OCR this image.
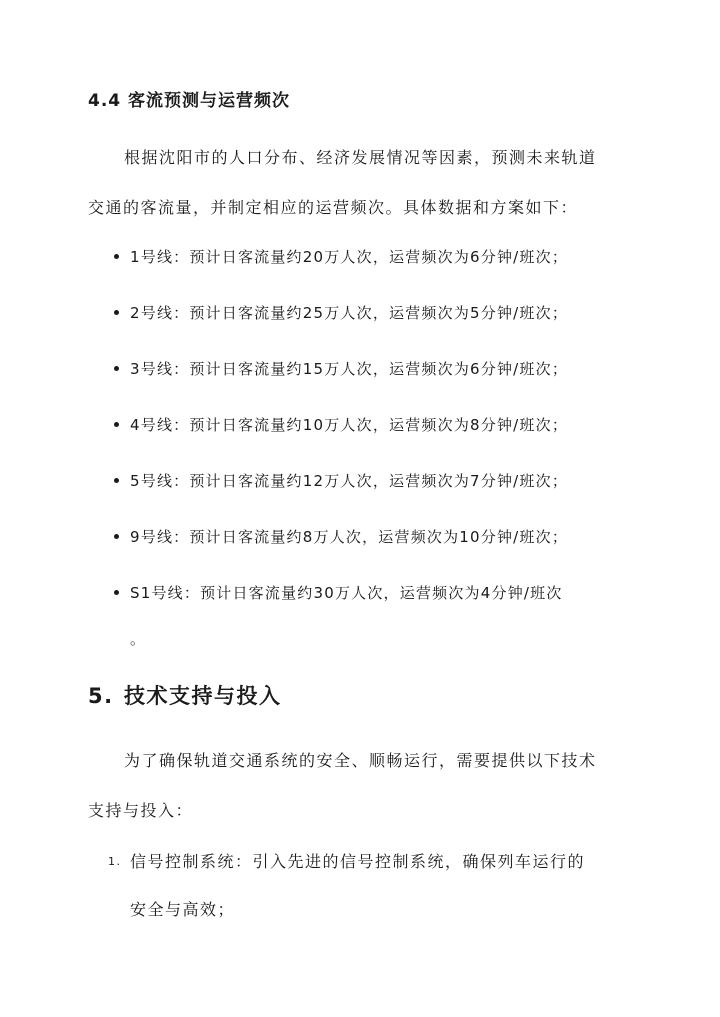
4.4 客流预测与运营频次
根据沈阳市的人口分布、经济发展情况等因素，预测未来轨道
交通的客流量，并制定相应的运营频次。具体数据和方案如下：
1号线：预计日客流量约20万人次，运营频次为6分钟/班次；
2号线：预计日客流量约25万人次，运营频次为5分钟/班次；
3号线：预计日客流量约15万人次，运营频次为6分钟/班次；
4号线：预计日客流量约10万人次，运营频次为8分钟/班次；
5号线：预计日客流量约12万人次，运营频次为7分钟/班次；
9号线：预计日客流量约8万人次，运营频次为10分钟/班次；
S1号线：预计日客流量约30万人次，运营频次为4分钟/班次
。
5. 技术支持与投入
为了确保轨道交通系统的安全、顺畅运行，需要提供以下技术
支持与投入：
1. 信号控制系统：引入先进的信号控制系统，确保列车运行的
安全与高效；
